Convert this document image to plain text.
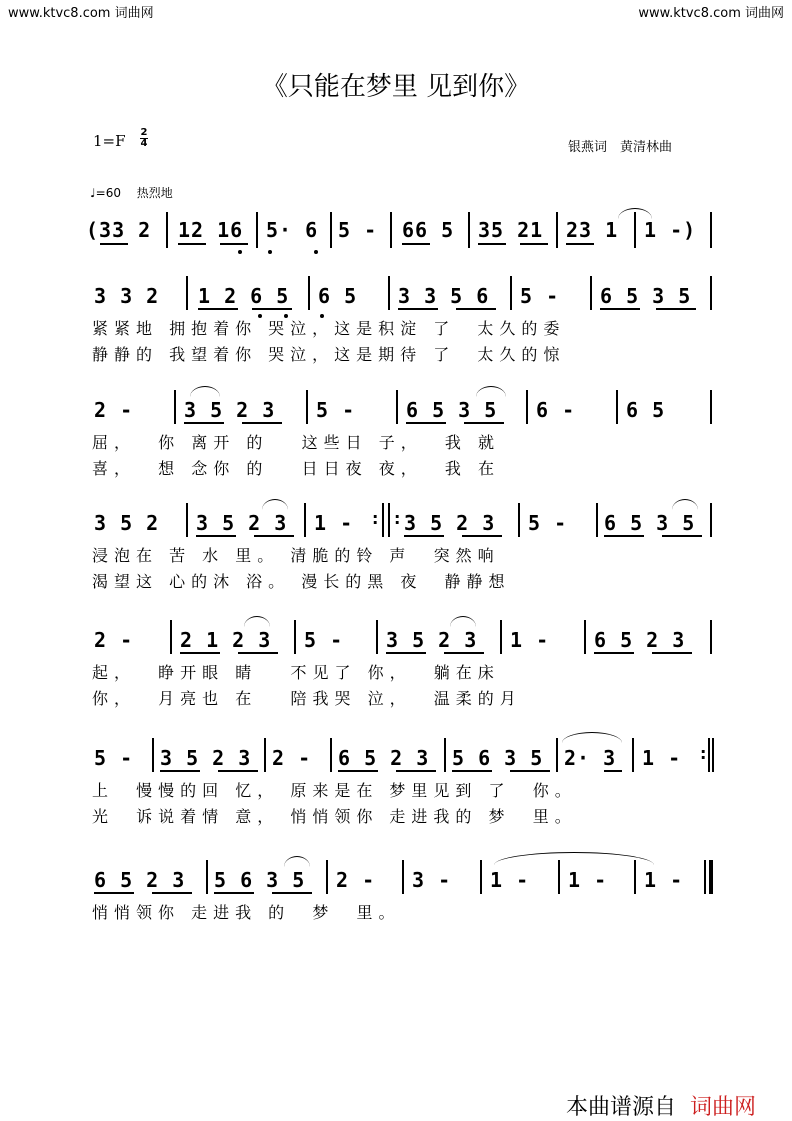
www.ktvc8.com 词曲网	www.ktvc8.com 词曲网
《只能在梦里 见到你》
1=F 2
4	银燕词　黄清林曲
♩=60　 热烈地
(33 2 12 16 5· 6 5 - 66 5 35 21 23 1 1 -)
3 3 2 1 2 6 5 6 5 3 3 5 6 5 - 6 5 3 5
紧紧地 拥抱着你 哭泣，这是积淀 了  太久的委
静静的 我望着你 哭泣，这是期待 了  太久的惊
2 -	3 5 2 3 5 -	6 5 3 5 6 -	6 5
屈，  你 离开 的   这些日 子，  我 就
喜，  想 念你 的   日日夜 夜，  我 在
3 5 2 3 5 2 3 1 - : : 3 5 2 3 5 - 6 5 3 5
浸泡在 苦 水 里。 清脆的铃 声  突然响
渴望这 心的沐 浴。 漫长的黑 夜  静静想
2 - 2 1 2 3 5 - 3 5 2 3 1 - 6 5 2 3
起，  睁开眼 睛   不见了 你，  躺在床
你，  月亮也 在   陪我哭 泣，  温柔的月
5 - 3 5 2 3 2 - 6 5 2 3 5 6 3 5 2· 3 1 - :
上  慢慢的回 忆， 原来是在 梦里见到 了  你。
光  诉说着情 意， 悄悄领你 走进我的 梦  里。
6 5 2 3 5 6 3 5 2 - 3 - 1 - 1 - 1 -
悄悄领你 走进我 的  梦  里。
本曲谱源自 词曲网
